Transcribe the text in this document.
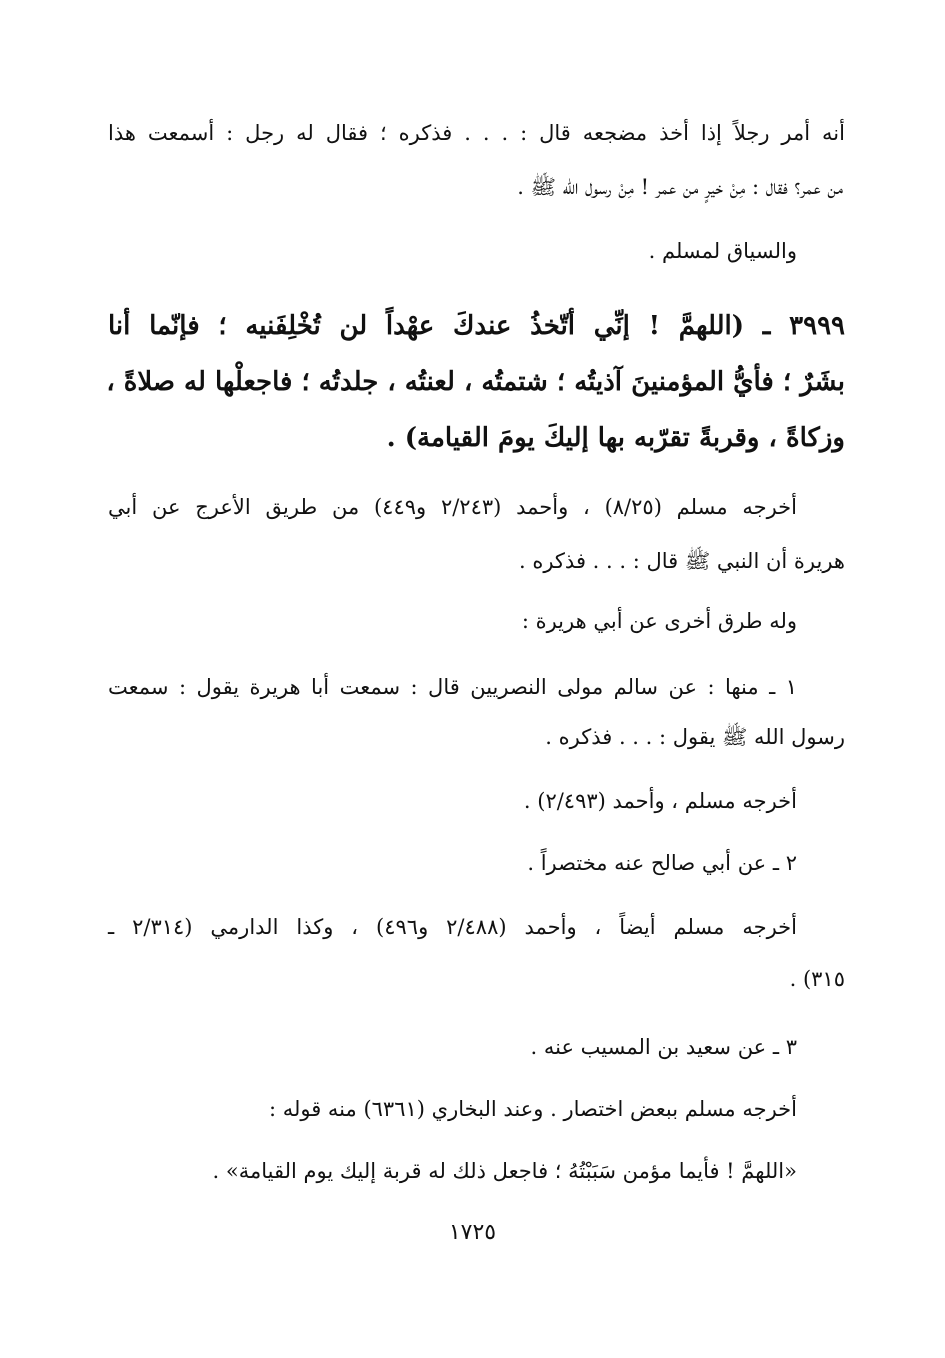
أنه أمر رجلاً إذا أخذ مضجعه قال : . . . فذكره ؛ فقال له رجل : أسمعت هذا
من عمر؟ فقال : مِنْ خيرٍ من عمر ! مِنْ رسول الله ﷺ .
والسياق لمسلم .
٣٩٩٩ ـ (اللهمَّ ! إنِّي أتّخذُ عندكَ عهْداً لن تُخْلِفَنيه ؛ فإنّما أنا
بشَرٌ ؛ فأيُّ المؤمنينَ آذيتُه ؛ شتمتُه ، لعنتُه ، جلدتُه ؛ فاجعلْها له صلاةً ،
وزكاةً ، وقربةً تقرّبه بها إليكَ يومَ القيامة) .
أخرجه مسلم (٨/٢٥) ، وأحمد (٢/٢٤٣ و٤٤٩) من طريق الأعرج عن أبي
هريرة أن النبي ﷺ قال : . . . فذكره .
وله طرق أخرى عن أبي هريرة :
١ ـ منها : عن سالم مولى النصريين قال : سمعت أبا هريرة يقول : سمعت
رسول الله ﷺ يقول : . . . فذكره .
أخرجه مسلم ، وأحمد (٢/٤٩٣) .
٢ ـ عن أبي صالح عنه مختصراً .
أخرجه مسلم أيضاً ، وأحمد (٢/٤٨٨ و٤٩٦) ، وكذا الدارمي (٢/٣١٤ ـ
٣١٥) .
٣ ـ عن سعيد بن المسيب عنه .
أخرجه مسلم ببعض اختصار . وعند البخاري (٦٣٦١) منه قوله :
«اللهمَّ ! فأيما مؤمن سَبَبْتُهُ ؛ فاجعل ذلك له قربة إليك يوم القيامة» .
١٧٢٥
